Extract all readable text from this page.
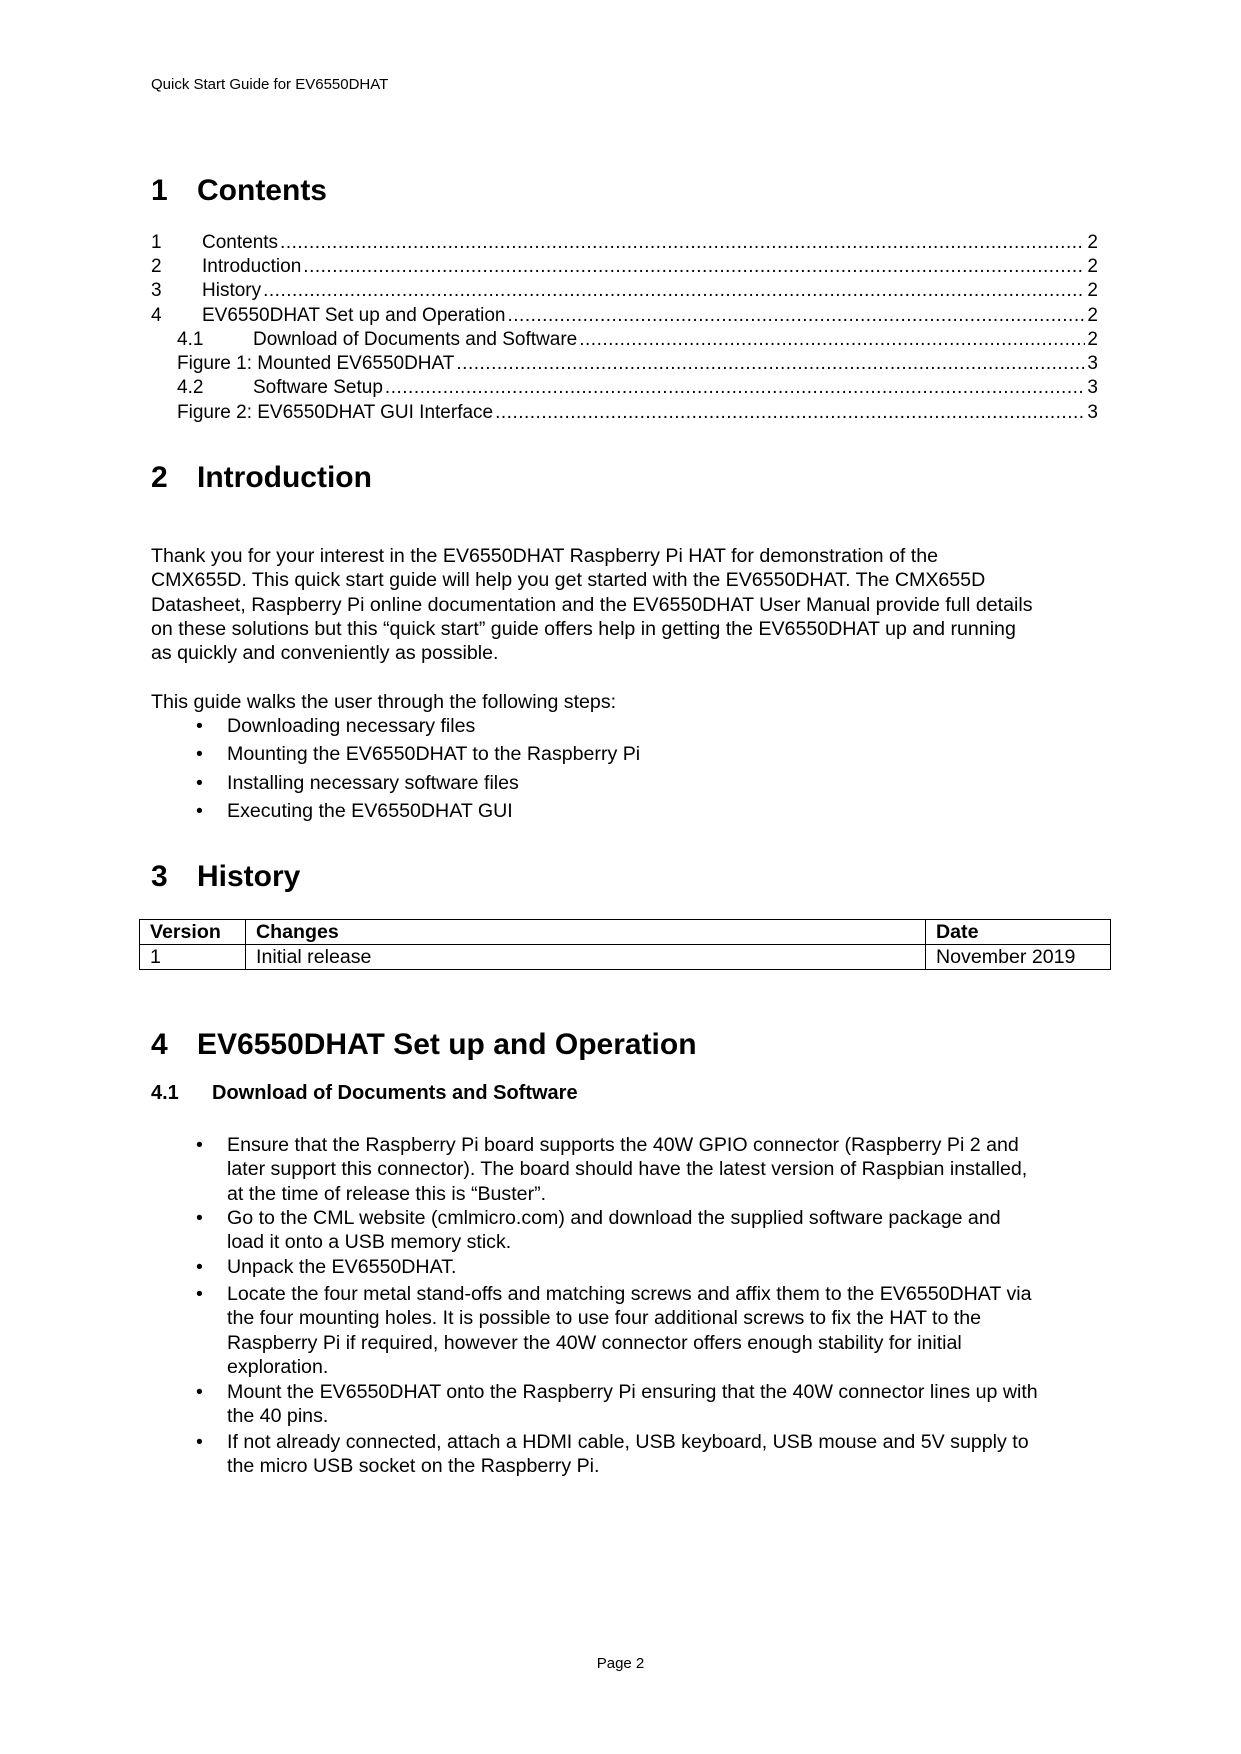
Quick Start Guide for EV6550DHAT
1 Contents
1	Contents .....	2
2	Introduction .....	2
3	History .....	2
4	EV6550DHAT Set up and Operation .....	2
4.1	Download of Documents and Software .....	2
Figure 1: Mounted EV6550DHAT .....	3
4.2	Software Setup .....	3
Figure 2: EV6550DHAT GUI Interface .....	3
2 Introduction
Thank you for your interest in the EV6550DHAT Raspberry Pi HAT for demonstration of the
CMX655D. This quick start guide will help you get started with the EV6550DHAT. The CMX655D
Datasheet, Raspberry Pi online documentation and the EV6550DHAT User Manual provide full details
on these solutions but this “quick start” guide offers help in getting the EV6550DHAT up and running
as quickly and conveniently as possible.
This guide walks the user through the following steps:
• Downloading necessary files
• Mounting the EV6550DHAT to the Raspberry Pi
• Installing necessary software files
• Executing the EV6550DHAT GUI
3 History
Version	Changes	Date
1	Initial release	November 2019
4 EV6550DHAT Set up and Operation
4.1 Download of Documents and Software
• Ensure that the Raspberry Pi board supports the 40W GPIO connector (Raspberry Pi 2 and
later support this connector). The board should have the latest version of Raspbian installed,
at the time of release this is “Buster”.
• Go to the CML website (cmlmicro.com) and download the supplied software package and
load it onto a USB memory stick.
• Unpack the EV6550DHAT.
• Locate the four metal stand-offs and matching screws and affix them to the EV6550DHAT via
the four mounting holes. It is possible to use four additional screws to fix the HAT to the
Raspberry Pi if required, however the 40W connector offers enough stability for initial
exploration.
• Mount the EV6550DHAT onto the Raspberry Pi ensuring that the 40W connector lines up with
the 40 pins.
• If not already connected, attach a HDMI cable, USB keyboard, USB mouse and 5V supply to
the micro USB socket on the Raspberry Pi.
Page 2
